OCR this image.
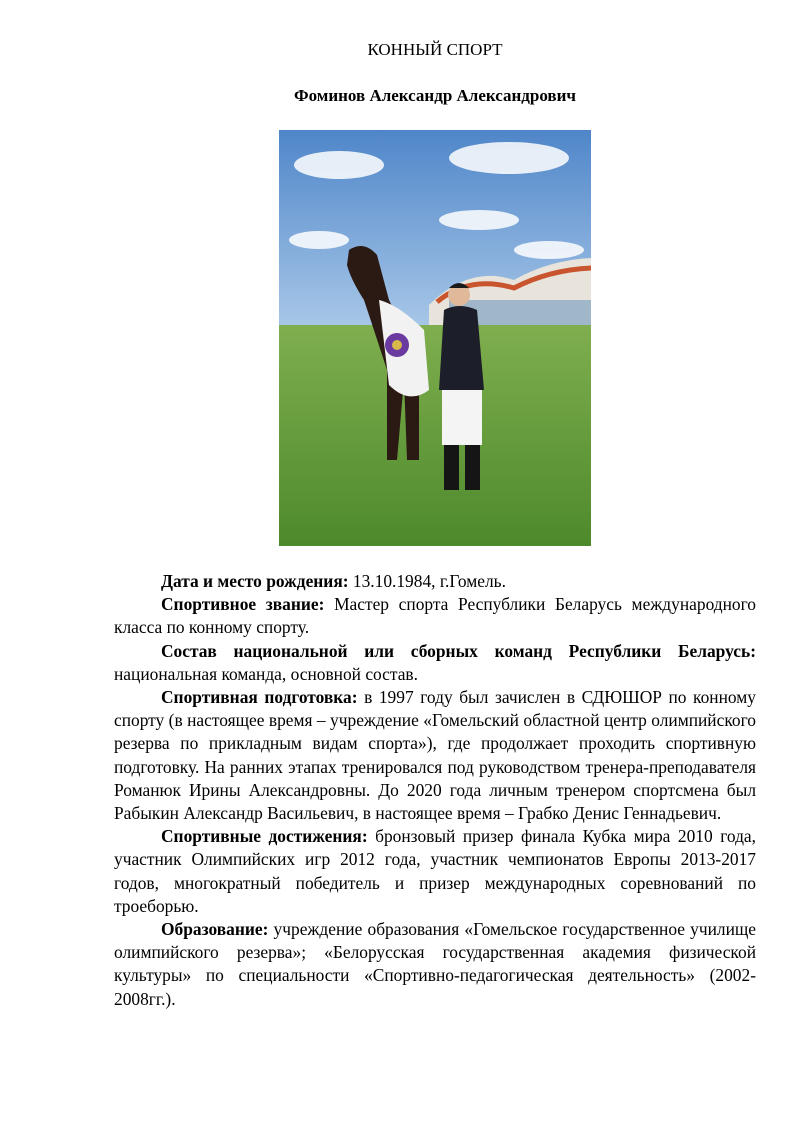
КОННЫЙ СПОРТ
Фоминов Александр Александрович

Дата и место рождения: 13.10.1984, г.Гомель.

Спортивное звание: Мастер спорта Республики Беларусь международного класса по конному спорту.

Состав национальной или сборных команд Республики Беларусь: национальная команда, основной состав.

Спортивная подготовка: в 1997 году был зачислен в СДЮШОР по конному спорту (в настоящее время – учреждение «Гомельский областной центр олимпийского резерва по прикладным видам спорта»), где продолжает проходить спортивную подготовку. На ранних этапах тренировался под руководством тренера-преподавателя Романюк Ирины Александровны. До 2020 года личным тренером спортсмена был Рабыкин Александр Васильевич, в настоящее время – Грабко Денис Геннадьевич.

Спортивные достижения: бронзовый призер финала Кубка мира 2010 года, участник Олимпийских игр 2012 года, участник чемпионатов Европы 2013-2017 годов, многократный победитель и призер международных соревнований по троеборью.

Образование: учреждение образования «Гомельское государственное училище олимпийского резерва»; «Белорусская государственная академия физической культуры» по специальности «Спортивно-педагогическая деятельность» (2002-2008гг.).
